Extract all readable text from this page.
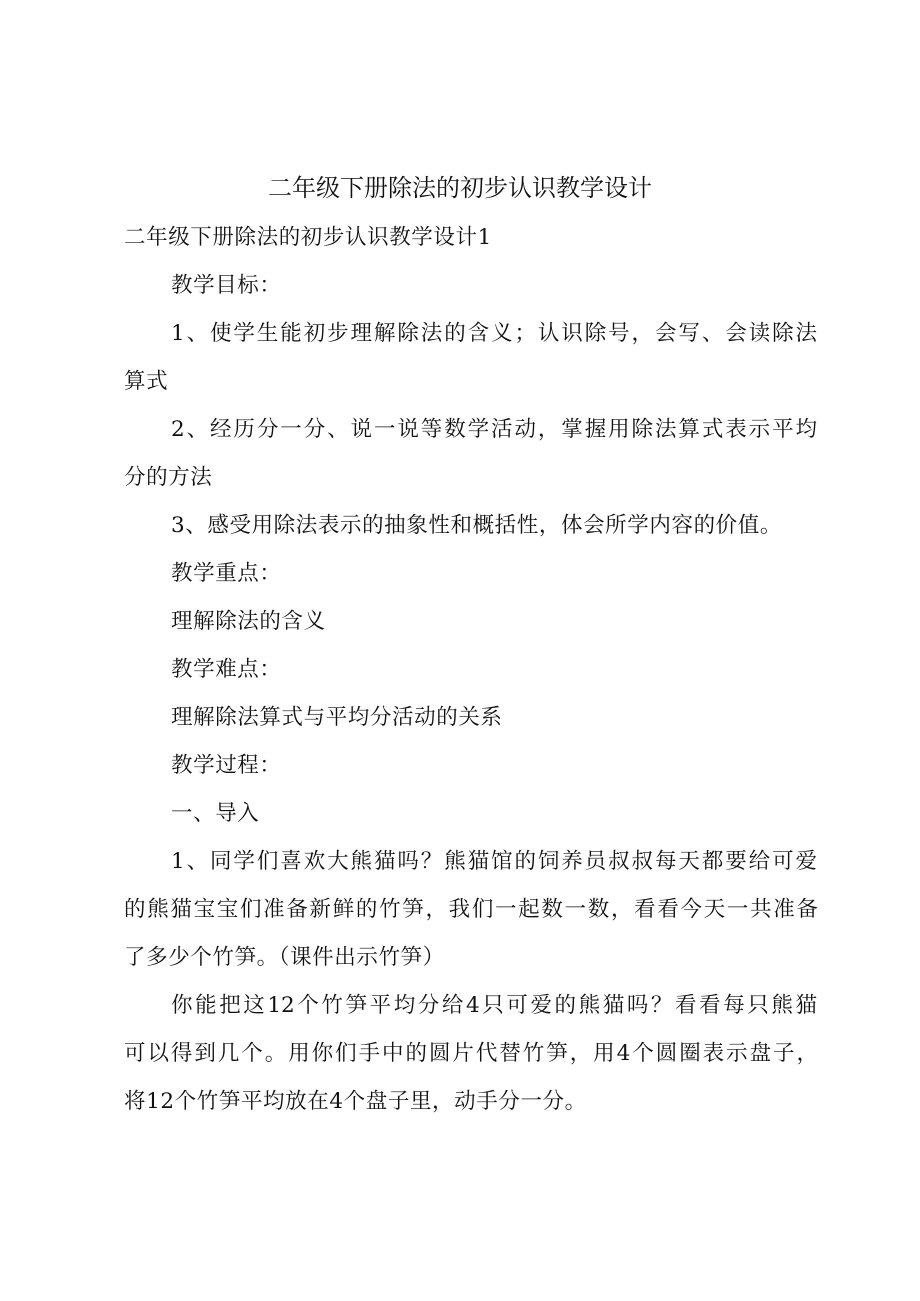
二年级下册除法的初步认识教学设计
二年级下册除法的初步认识教学设计1
教学目标：
1、使学生能初步理解除法的含义；认识除号，会写、会读除法
算式
2、经历分一分、说一说等数学活动，掌握用除法算式表示平均
分的方法
3、感受用除法表示的抽象性和概括性，体会所学内容的价值。
教学重点：
理解除法的含义
教学难点：
理解除法算式与平均分活动的关系
教学过程：
一、导入
1、同学们喜欢大熊猫吗？熊猫馆的饲养员叔叔每天都要给可爱
的熊猫宝宝们准备新鲜的竹笋，我们一起数一数，看看今天一共准备
了多少个竹笋。（课件出示竹笋）
你能把这12个竹笋平均分给4只可爱的熊猫吗？看看每只熊猫
可以得到几个。用你们手中的圆片代替竹笋，用4个圆圈表示盘子，
将12个竹笋平均放在4个盘子里，动手分一分。
